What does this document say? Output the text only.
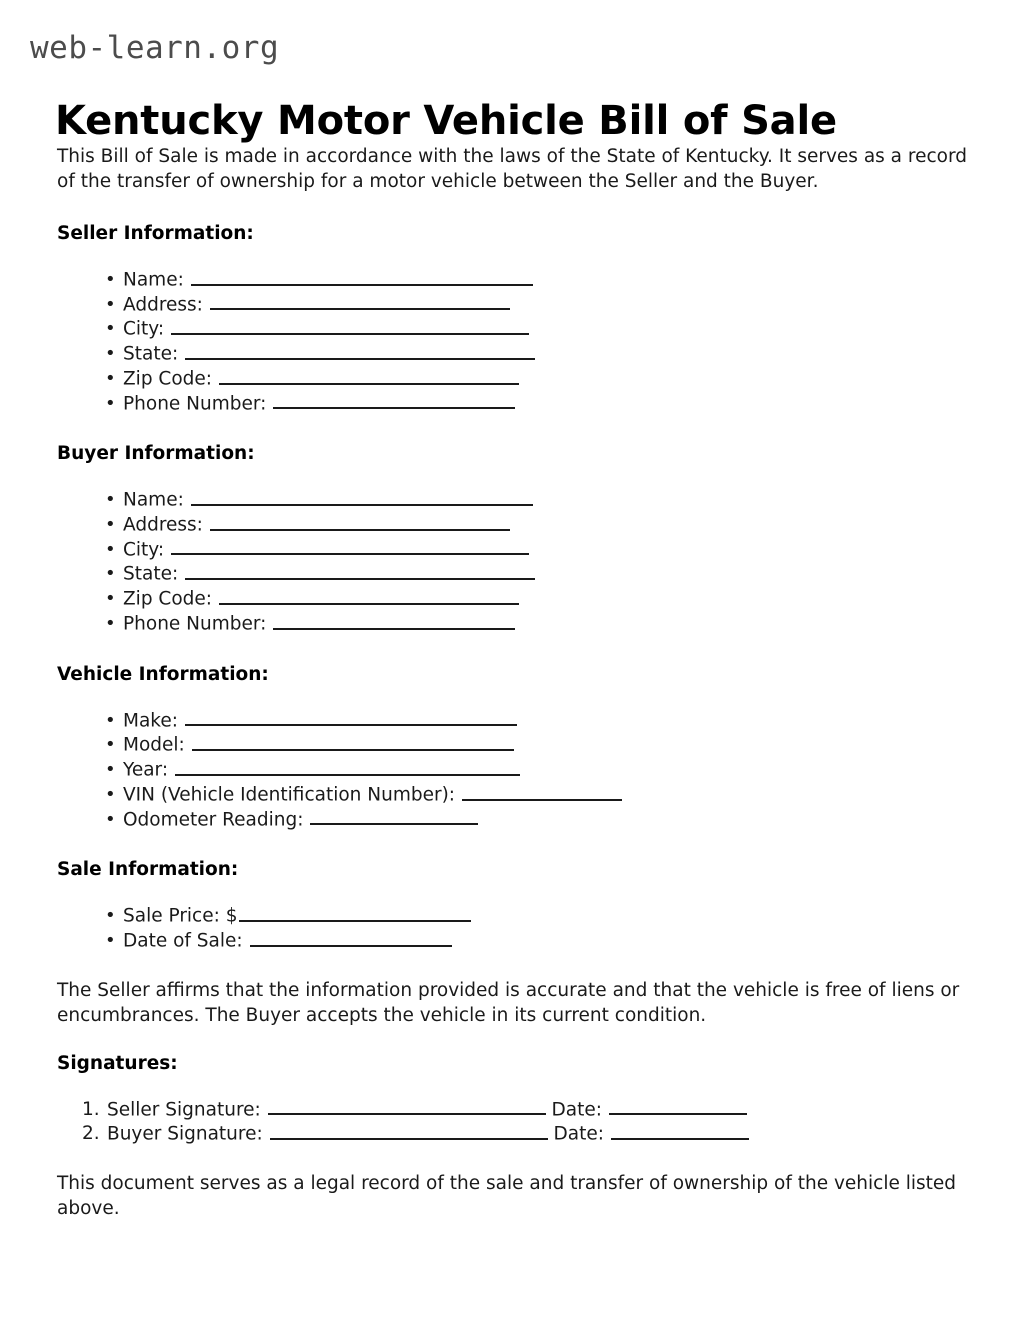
web-learn.org
Kentucky Motor Vehicle Bill of Sale

This Bill of Sale is made in accordance with the laws of the State of Kentucky. It serves as a record of the transfer of ownership for a motor vehicle between the Seller and the Buyer.

Seller Information:
• Name:
• Address:
• City:
• State:
• Zip Code:
• Phone Number:
Buyer Information:
• Name:
• Address:
• City:
• State:
• Zip Code:
• Phone Number:
Vehicle Information:
• Make:
• Model:
• Year:
• VIN (Vehicle Identification Number):
• Odometer Reading:
Sale Information:
• Sale Price: $
• Date of Sale:

The Seller affirms that the information provided is accurate and that the vehicle is free of liens or encumbrances. The Buyer accepts the vehicle in its current condition.

Signatures:
1. Seller Signature:	Date:
2. Buyer Signature:	Date:

This document serves as a legal record of the sale and transfer of ownership of the vehicle listed above.
